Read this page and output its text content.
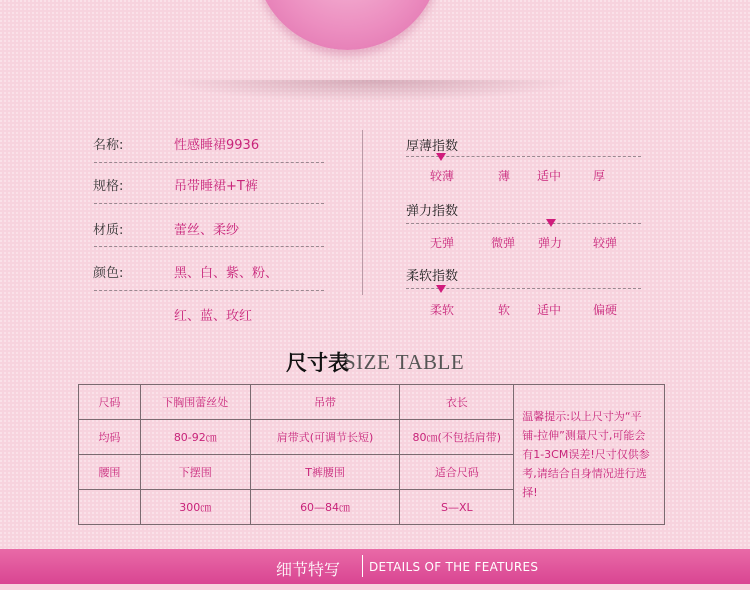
名称:	性感睡裙9936
规格:	吊带睡裙+T裤
材质:	蕾丝、柔纱
颜色:	黑、白、紫、粉、
红、蓝、玫红
厚薄指数
较薄	薄 适中	厚
弹力指数
无弹	微弹 弹力	较弹
柔软指数
柔软	软 适中	偏硬
尺寸表
SIZE TABLE
尺码	下胸围蕾丝处	吊带	衣长	温馨提示:以上尺寸为“平铺-拉伸”测量尺寸,可能会有1-3CM误差!尺寸仅供参考,请结合自身情况进行选择!
均码	80-92㎝	肩带式(可调节长短)	80㎝(不包括肩带)	
腰围	下摆围	T裤腰围	适合尺码	
	300㎝	60—84㎝	S—XL	
细节特写 DETAILS OF THE FEATURES
